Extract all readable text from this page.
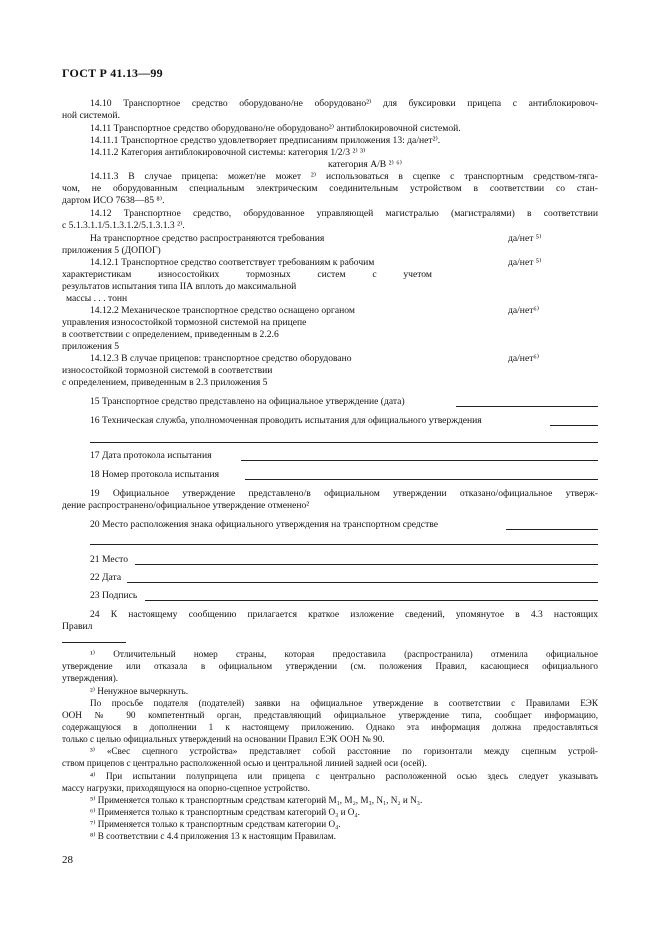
ГОСТ Р 41.13—99
14.10 Транспортное средство оборудовано/не оборудовано²⁾ для буксировки прицепа с антиблокировоч-
ной системой.
14.11 Транспортное средство оборудовано/не оборудовано²⁾ антиблокировочной системой.
14.11.1 Транспортное средство удовлетворяет предписаниям приложения 13: да/нет²⁾.
14.11.2 Категория антиблокировочной системы: категория 1/2/3 ²⁾ ³⁾
категория А/В ²⁾ ⁶⁾
14.11.3 В случае прицепа: может/не может ²⁾ использоваться в сцепке с транспортным средством-тяга-
чом, не оборудованным специальным электрическим соединительным устройством в соответствии со стан-
дартом ИСО 7638—85 ⁸⁾.
14.12 Транспортное средство, оборудованное управляющей магистралью (магистралями) в соответствии
с 5.1.3.1.1/5.1.3.1.2/5.1.3.1.3 ²⁾.
На транспортное средство распространяются требования	да/нет ⁵⁾
приложения 5 (ДОПОГ)
14.12.1 Транспортное средство соответствует требованиям к рабочим	да/нет ⁵⁾
характеристикам износостойких тормозных систем с учетом
результатов испытания типа IIА вплоть до максимальной
массы . . . тонн
14.12.2 Механическое транспортное средство оснащено органом	да/нет⁶⁾
управления износостойкой тормозной системой на прицепе
в соответствии с определением, приведенным в 2.2.6
приложения 5
14.12.3 В случае прицепов: транспортное средство оборудовано	да/нет⁶⁾
износостойкой тормозной системой в соответствии
с определением, приведенным в 2.3 приложения 5
15 Транспортное средство представлено на официальное утверждение (дата)
16 Техническая служба, уполномоченная проводить испытания для официального утверждения
17 Дата протокола испытания
18 Номер протокола испытания
19 Официальное утверждение представлено/в официальном утверждении отказано/официальное утверж-
дение распространено/официальное утверждение отменено²
20 Место расположения знака официального утверждения на транспортном средстве
21 Место
22 Дата
23 Подпись
24 К настоящему сообщению прилагается краткое изложение сведений, упомянутое в 4.3 настоящих
Правил
¹⁾ Отличительный номер страны, которая предоставила (распространила) отменила официальное
утверждение или отказала в официальном утверждении (см. положения Правил, касающиеся официального
утверждения).
²⁾ Ненужное вычеркнуть.
По просьбе подателя (подателей) заявки на официальное утверждение в соответствии с Правилами ЕЭК
ООН № 90 компетентный орган, представляющий официальное утверждение типа, сообщает информацию,
содержащуюся в дополнении 1 к настоящему приложению. Однако эта информация должна предоставляться
только с целью официальных утверждений на основании Правил ЕЭК ООН № 90.
³⁾ «Свес сцепного устройства» представляет собой расстояние по горизонтали между сцепным устрой-
ством прицепов с центрально расположенной осью и центральной линией задней оси (осей).
⁴⁾ При испытании полуприцепа или прицепа с центрально расположенной осью здесь следует указывать
массу нагрузки, приходящуюся на опорно-сцепное устройство.
⁵⁾ Применяется только к транспортным средствам категорий M₁, M₂, M₃, N₁, N₂ и N₃.
⁶⁾ Применяется только к транспортным средствам категорий O₃ и O₄.
⁷⁾ Применяется только к транспортным средствам категории O₄.
⁸⁾ В соответствии с 4.4 приложения 13 к настоящим Правилам.
28
